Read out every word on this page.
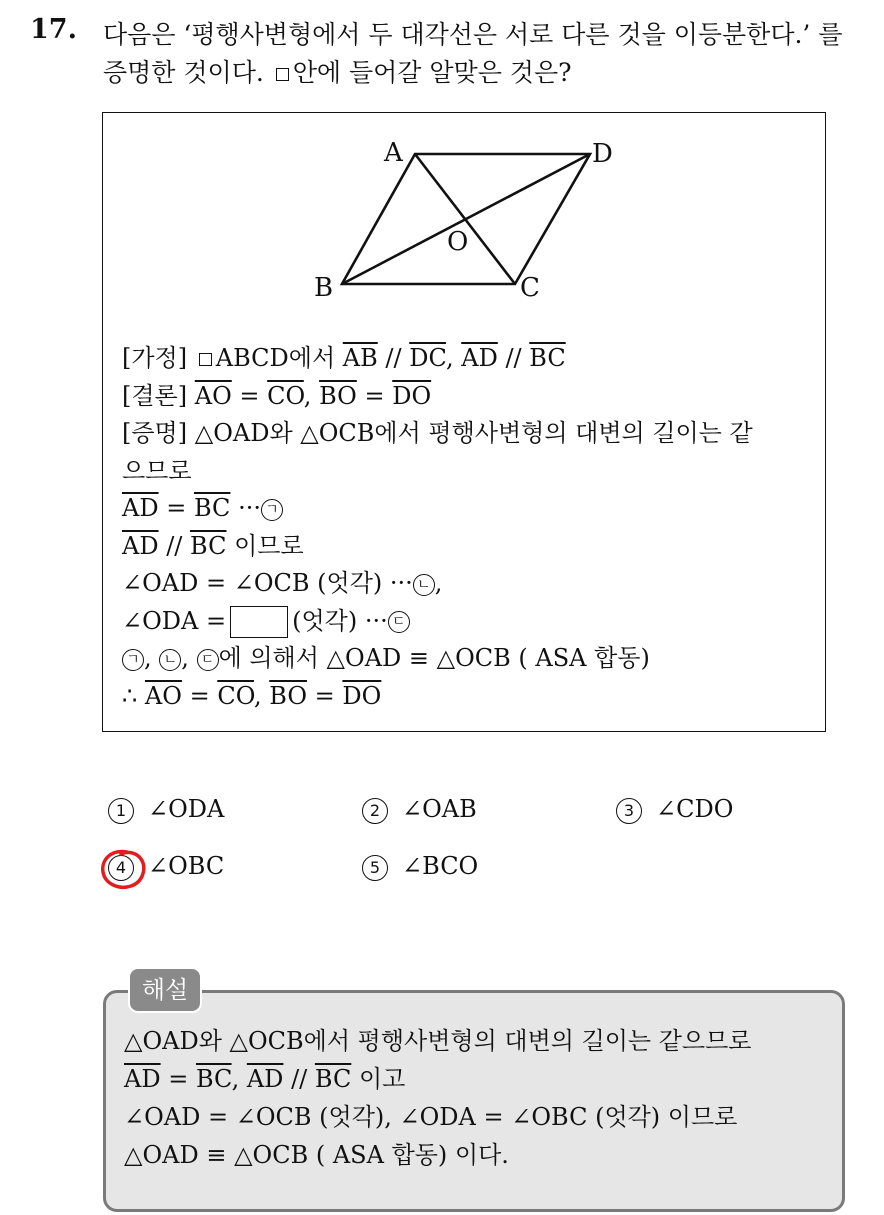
17. 다음은 ‘평행사변형에서 두 대각선은 서로 다른 것을 이등분한다.’ 를
증명한 것이다. 안에 들어갈 알맞은 것은?
A	D
O
B	C
[가정] ABCD에서 $\overline{AB} // \overline{DC}$, $\overline{AD} // \overline{BC}$
[결론] $\overline{AO} = \overline{CO}$, $\overline{BO} = \overline{DO}$
[증명] △OAD와 △OCB에서 평행사변형의 대변의 길이는 같
으므로
$\overline{AD} = \overline{BC}$ ··· ㄱ
$\overline{AD} // \overline{BC}$ 이므로
∠OAD = ∠OCB (엇각) ··· ㄴ ,
∠ODA =	(엇각) ··· ㄷ
ㄱ , ㄴ , ㄷ 에 의해서 △OAD ≡ △OCB ( ASA 합동)
∴ $\overline{AO} = \overline{CO}$, $\overline{BO} = \overline{DO}$
1 ∠ODA	2 ∠OAB	3 ∠CDO
4 ∠OBC	5 ∠BCO
해설
△OAD와 △OCB에서 평행사변형의 대변의 길이는 같으므로
$\overline{AD} = \overline{BC}$, $\overline{AD} // \overline{BC}$ 이고
∠OAD = ∠OCB (엇각), ∠ODA = ∠OBC (엇각) 이므로
△OAD ≡ △OCB ( ASA 합동) 이다.
